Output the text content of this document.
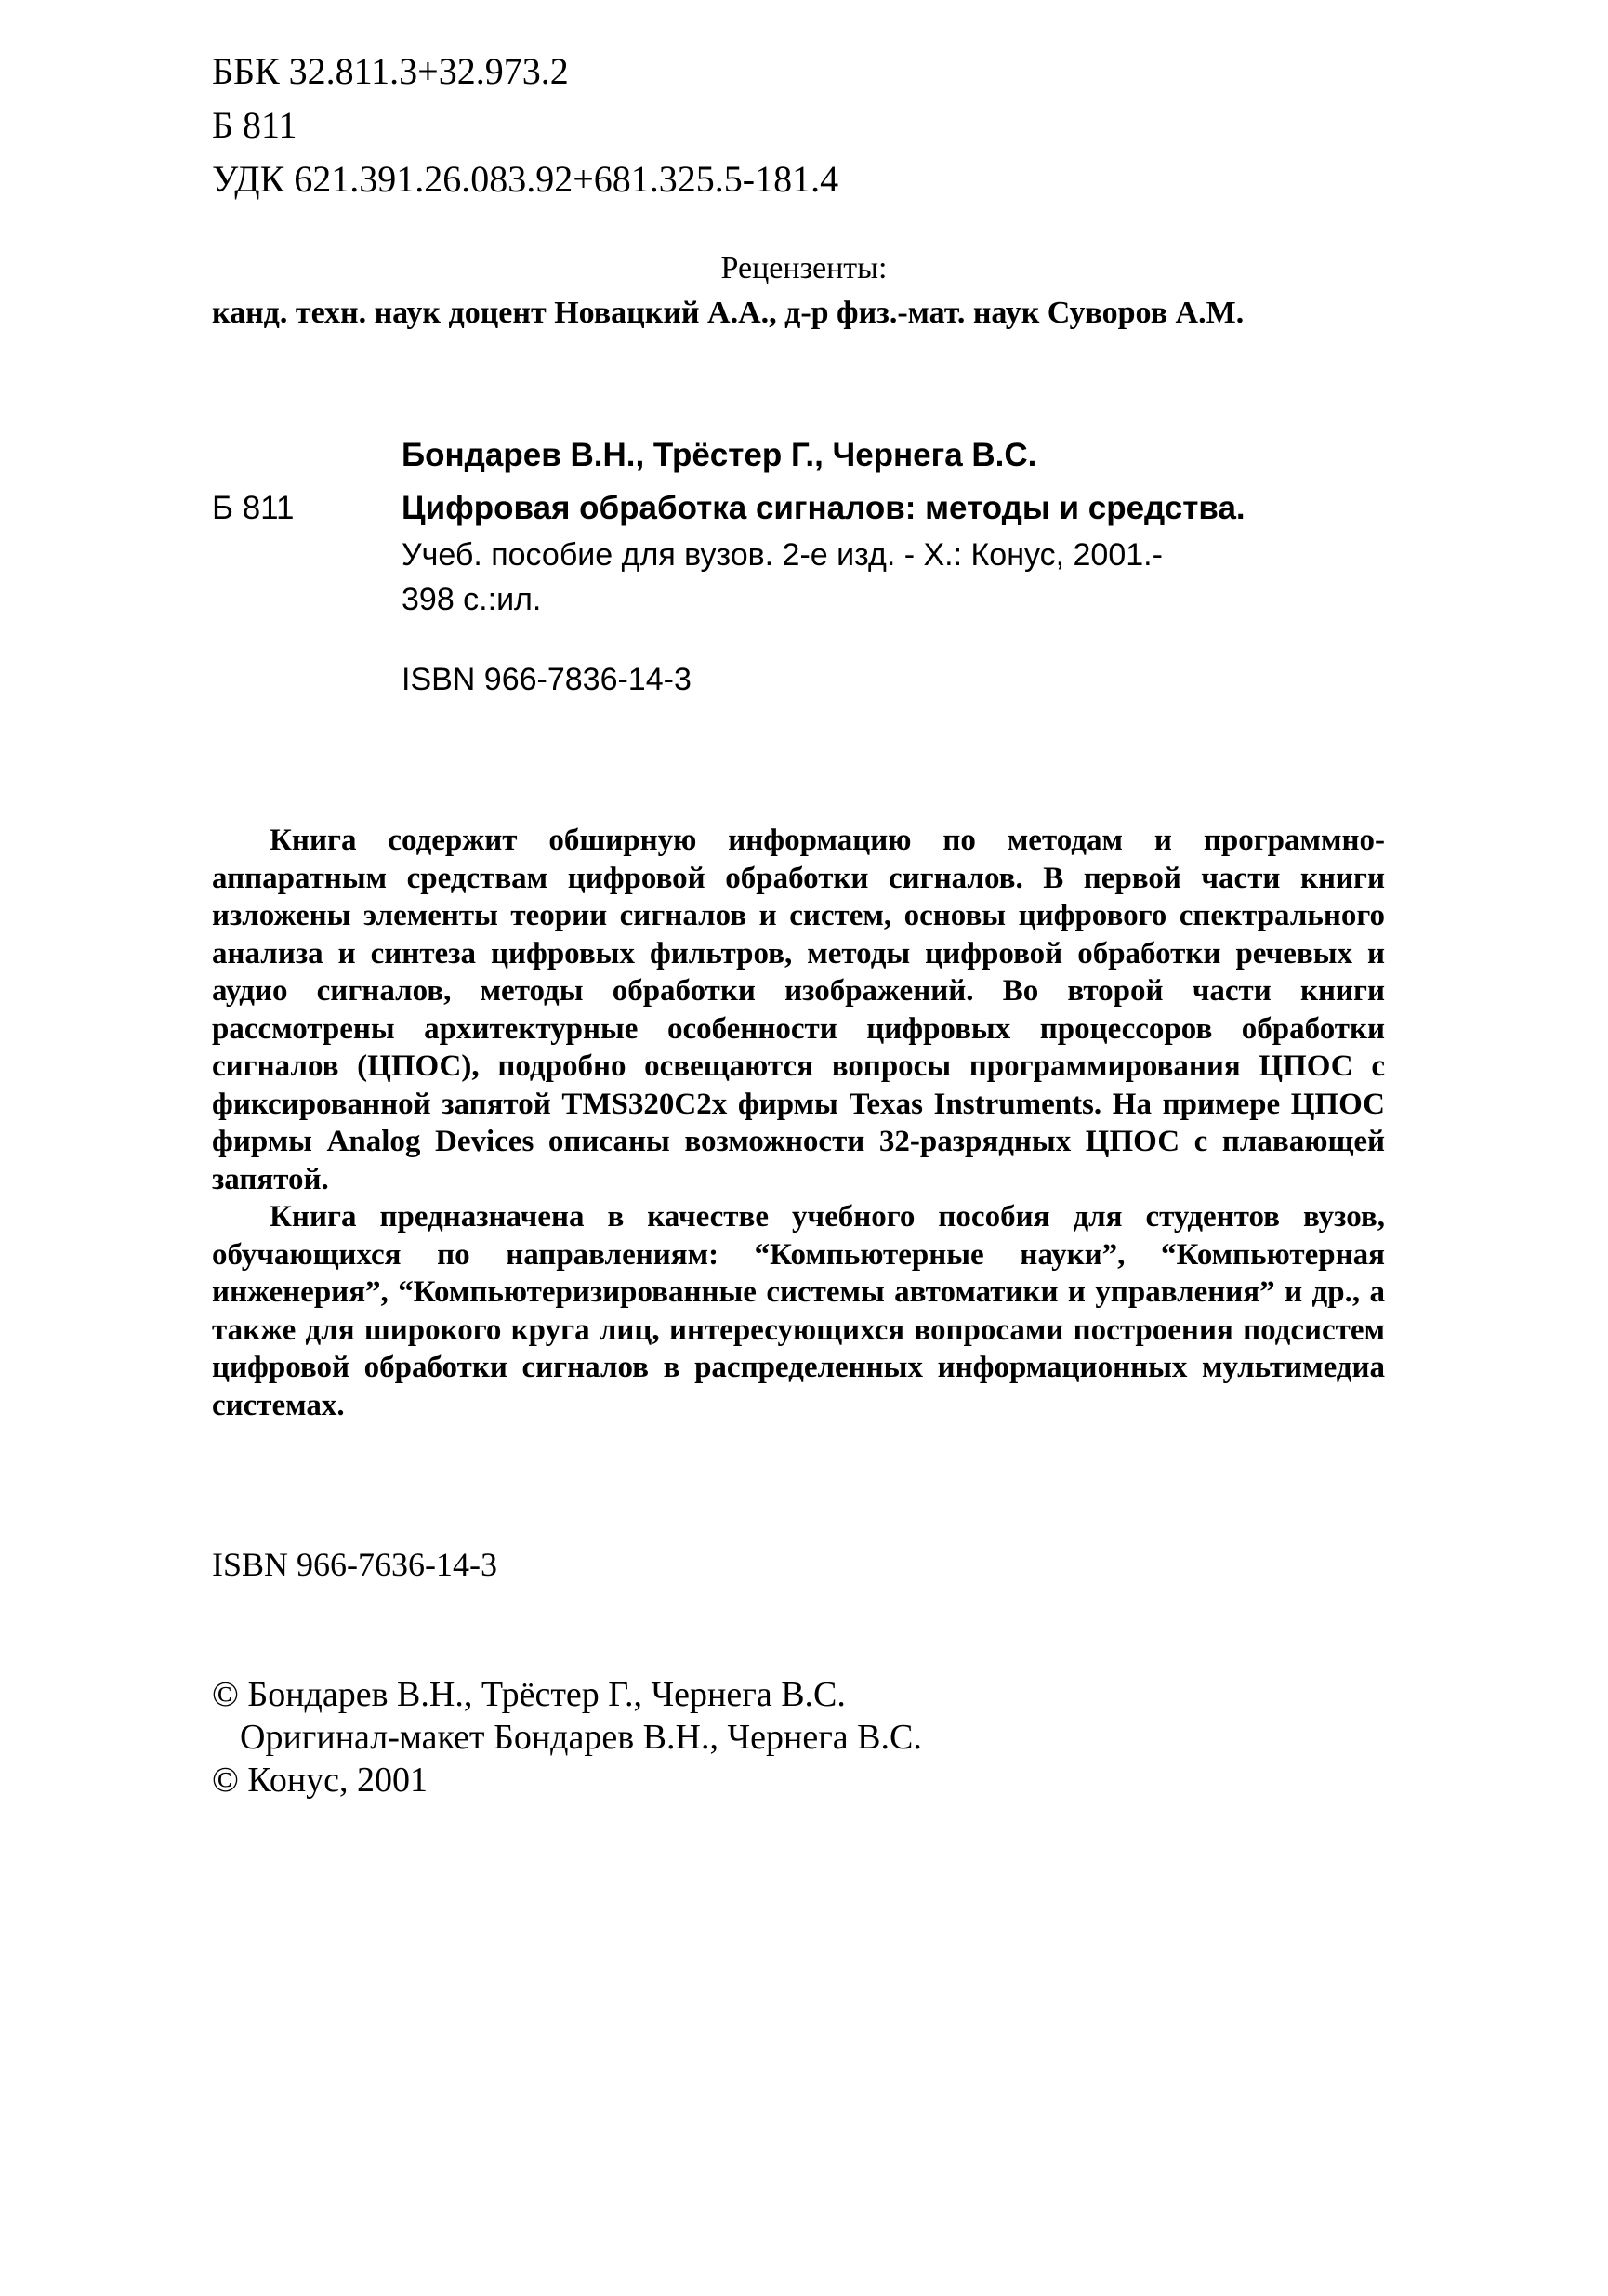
ББК 32.811.3+32.973.2
Б 811
УДК 621.391.26.083.92+681.325.5-181.4
Рецензенты:
канд. техн. наук доцент Новацкий А.А., д-р физ.-мат. наук Суворов А.М.
Бондарев В.Н., Трёстер Г., Чернега В.С.
Б 811	Цифровая обработка сигналов: методы и средства.
Учеб. пособие для вузов. 2-е изд. - Х.: Конус, 2001.-
398 с.:ил.
ISBN 966-7836-14-3

Книга содержит обширную информацию по методам и программно-аппаратным средствам цифровой обработки сигналов. В первой части книги изложены элементы теории сигналов и систем, основы цифрового спектрального анализа и синтеза цифровых фильтров, методы цифровой обработки речевых и аудио сигналов, методы обработки изображений. Во второй части книги рассмотрены архитектурные особенности цифровых процессоров обработки сигналов (ЦПОС), подробно освещаются вопросы программирования ЦПОС с фиксированной запятой TMS320C2x фирмы Texas Instruments. На примере ЦПОС фирмы Analog Devices описаны возможности 32-разрядных ЦПОС с плавающей запятой.

Книга предназначена в качестве учебного пособия для студентов вузов, обучающихся по направлениям: “Компьютерные науки”, “Компьютерная инженерия”, “Компьютеризированные системы автоматики и управления” и др., а также для широкого круга лиц, интересующихся вопросами построения подсистем цифровой обработки сигналов в распределенных информационных мультимедиа системах.

ISBN 966-7636-14-3
© Бондарев В.Н., Трёстер Г., Чернега В.С.
Оригинал-макет Бондарев В.Н., Чернега В.С.
© Конус, 2001
